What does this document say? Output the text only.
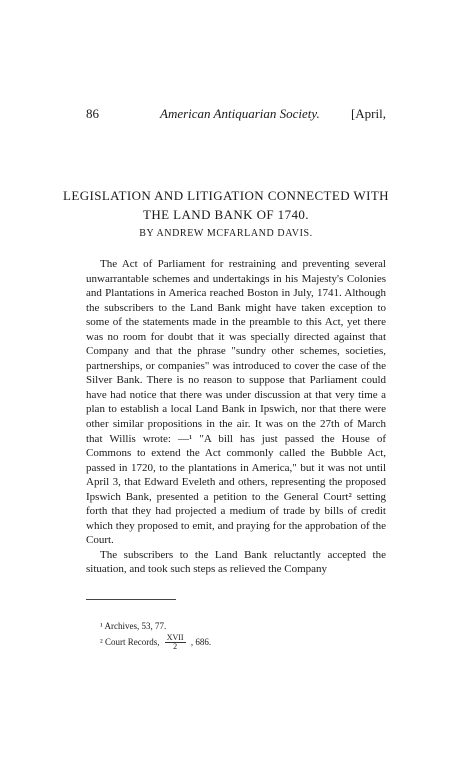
86	American Antiquarian Society. [April,
LEGISLATION AND LITIGATION CONNECTED WITH
THE LAND BANK OF 1740.
BY ANDREW MCFARLAND DAVIS.

The Act of Parliament for restraining and preventing several unwarrantable schemes and undertakings in his Majesty's Colonies and Plantations in America reached Boston in July, 1741. Although the subscribers to the Land Bank might have taken exception to some of the statements made in the preamble to this Act, yet there was no room for doubt that it was specially directed against that Company and that the phrase "sundry other schemes, societies, partnerships, or companies" was introduced to cover the case of the Silver Bank. There is no reason to suppose that Parliament could have had notice that there was under discussion at that very time a plan to establish a local Land Bank in Ipswich, nor that there were other similar propositions in the air. It was on the 27th of March that Willis wrote: —¹ "A bill has just passed the House of Commons to extend the Act commonly called the Bubble Act, passed in 1720, to the plantations in America," but it was not until April 3, that Edward Eveleth and others, representing the proposed Ipswich Bank, presented a petition to the General Court² setting forth that they had projected a medium of trade by bills of credit which they proposed to emit, and praying for the approbation of the Court.

The subscribers to the Land Bank reluctantly accepted the situation, and took such steps as relieved the Company

¹ Archives, 53, 77.
² Court Records, $\frac{\text{XVII}}{2}$ , 686.
